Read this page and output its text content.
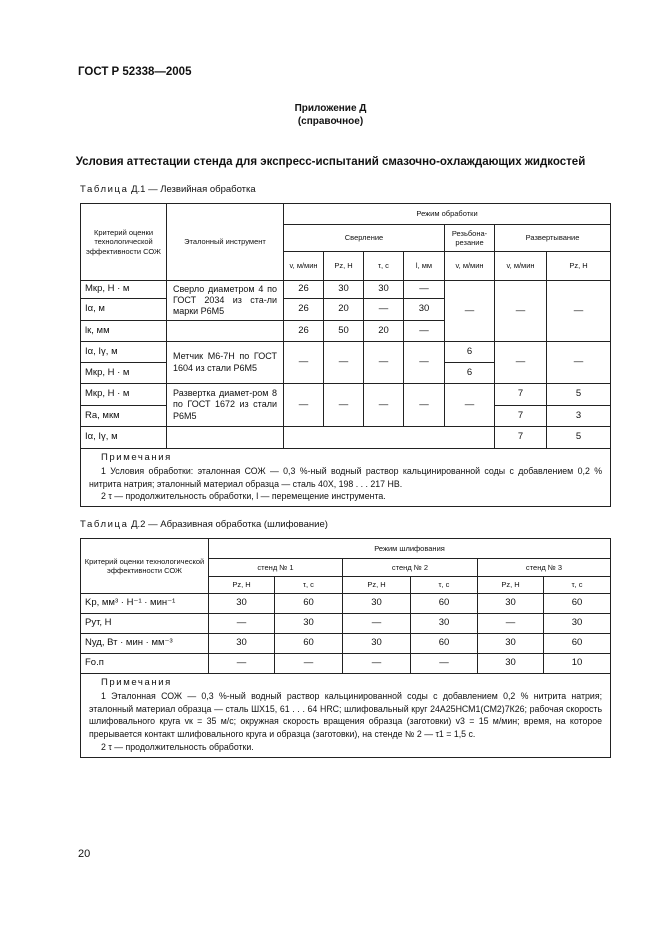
ГОСТ Р 52338—2005
Приложение Д
(справочное)
Условия аттестации стенда для экспресс-испытаний смазочно-охлаждающих жидкостей
Таблица Д.1 — Лезвийная обработка
Критерий оценки технологической эффективности СОЖ	Эталонный инструмент	Режим обработки						
		Сверление				Резьбона-резание	Развертывание	
		v, м/мин	Pz, Н	τ, с	l, мм	v, м/мин	v, м/мин	Pz, Н
Mкр, Н · м	Сверло диаметром 4 по ГОСТ 2034 из ста-ли марки Р6М5	26	30	30	—	—	—	—
Iα, м		26	20	—	30			
lк, мм		26	50	20	—			
Iα, Iγ, м	Метчик М6-7Н по ГОСТ 1604 из стали Р6М5	—	—	—	—	6	—	—
Mкр, Н · м						6		
Mкр, Н · м	Развертка диамет-ром 8 по ГОСТ 1672 из стали Р6М5	—	—	—	—	—	7	5
Ra, мкм							7	3
Iα, Iγ, м							7	5

Примечания
1 Условия обработки: эталонная СОЖ — 0,3 %-ный водный раствор кальцинированной соды с добавлением 0,2 % нитрита натрия; эталонный материал образца — сталь 40Х, 198 . . . 217 НВ.
2 τ — продолжительность обработки, l — перемещение инструмента.								
Таблица Д.2 — Абразивная обработка (шлифование)
Критерий оценки технологической эффективности СОЖ	Режим шлифования					
	стенд № 1		стенд № 2		стенд № 3	
	Pz, Н	τ, с	Pz, Н	τ, с	Pz, Н	τ, с
Kр, мм³ · Н⁻¹ · мин⁻¹	30	60	30	60	30	60
Pут, Н	—	30	—	30	—	30
Nуд, Вт · мин · мм⁻³	30	60	30	60	30	60
Fо.п	—	—	—	—	30	10

Примечания
1 Эталонная СОЖ — 0,3 %-ный водный раствор кальцинированной соды с добавлением 0,2 % нитрита натрия; эталонный материал образца — сталь ШХ15, 61 . . . 64 HRC; шлифовальный круг 24А25НСМ1(СМ2)7К26; рабочая скорость шлифовального круга vк = 35 м/с; окружная скорость вращения образца (заготовки) v3 = 15 м/мин; время, на которое прерывается контакт шлифовального круга и образца (заготовки), на стенде № 2 — τ1 = 1,5 с.
2 τ — продолжительность обработки.						
20
